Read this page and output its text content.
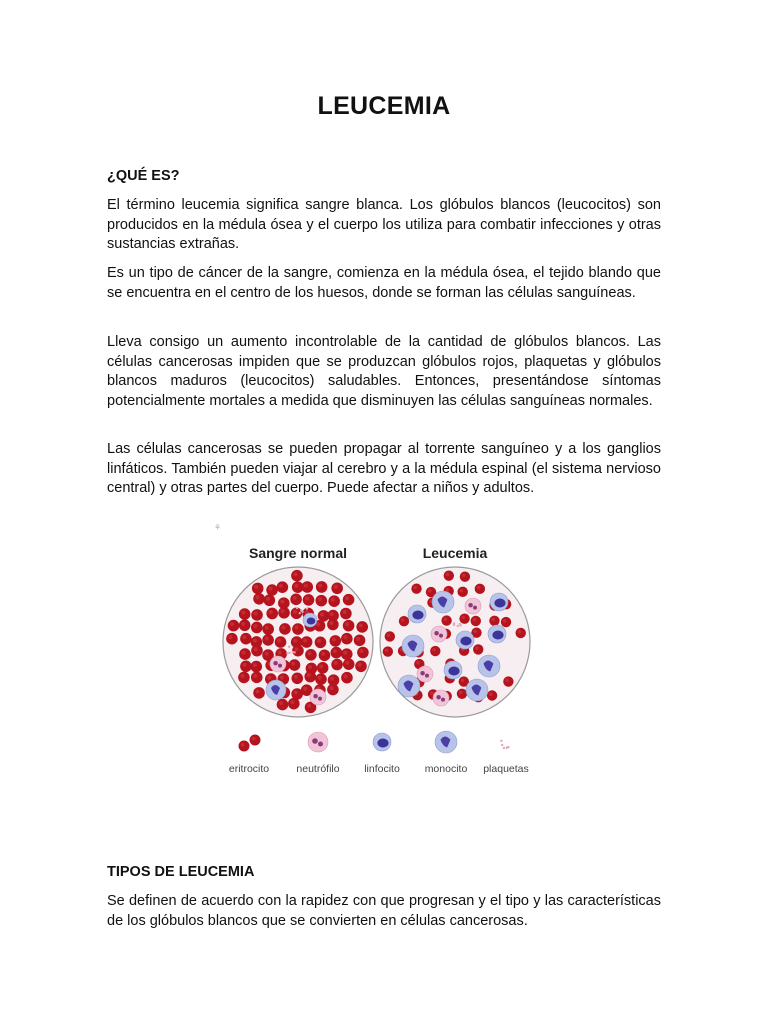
LEUCEMIA
¿QUÉ ES?

El término leucemia significa sangre blanca. Los glóbulos blancos (leucocitos) son producidos en la médula ósea y el cuerpo los utiliza para combatir infecciones y otras sustancias extrañas.

Es un tipo de cáncer de la sangre, comienza en la médula ósea, el tejido blando que se encuentra en el centro de los huesos, donde se forman las células sanguíneas.

Lleva consigo un aumento incontrolable de la cantidad de glóbulos blancos. Las células cancerosas impiden que se produzcan glóbulos rojos, plaquetas y glóbulos blancos maduros (leucocitos) saludables. Entonces, presentándose síntomas potencialmente mortales a medida que disminuyen las células sanguíneas normales.

Las células cancerosas se pueden propagar al torrente sanguíneo y a los ganglios linfáticos. También pueden viajar al cerebro y a la médula espinal (el sistema nervioso central) y otras partes del cuerpo. Puede afectar a niños y adultos.

⚘
Sangre normal	Leucemia
eritrocito	neutrófilo linfocito monocito plaquetas
TIPOS DE LEUCEMIA

Se definen de acuerdo con la rapidez con que progresan y el tipo y las características de los glóbulos blancos que se convierten en células cancerosas.
